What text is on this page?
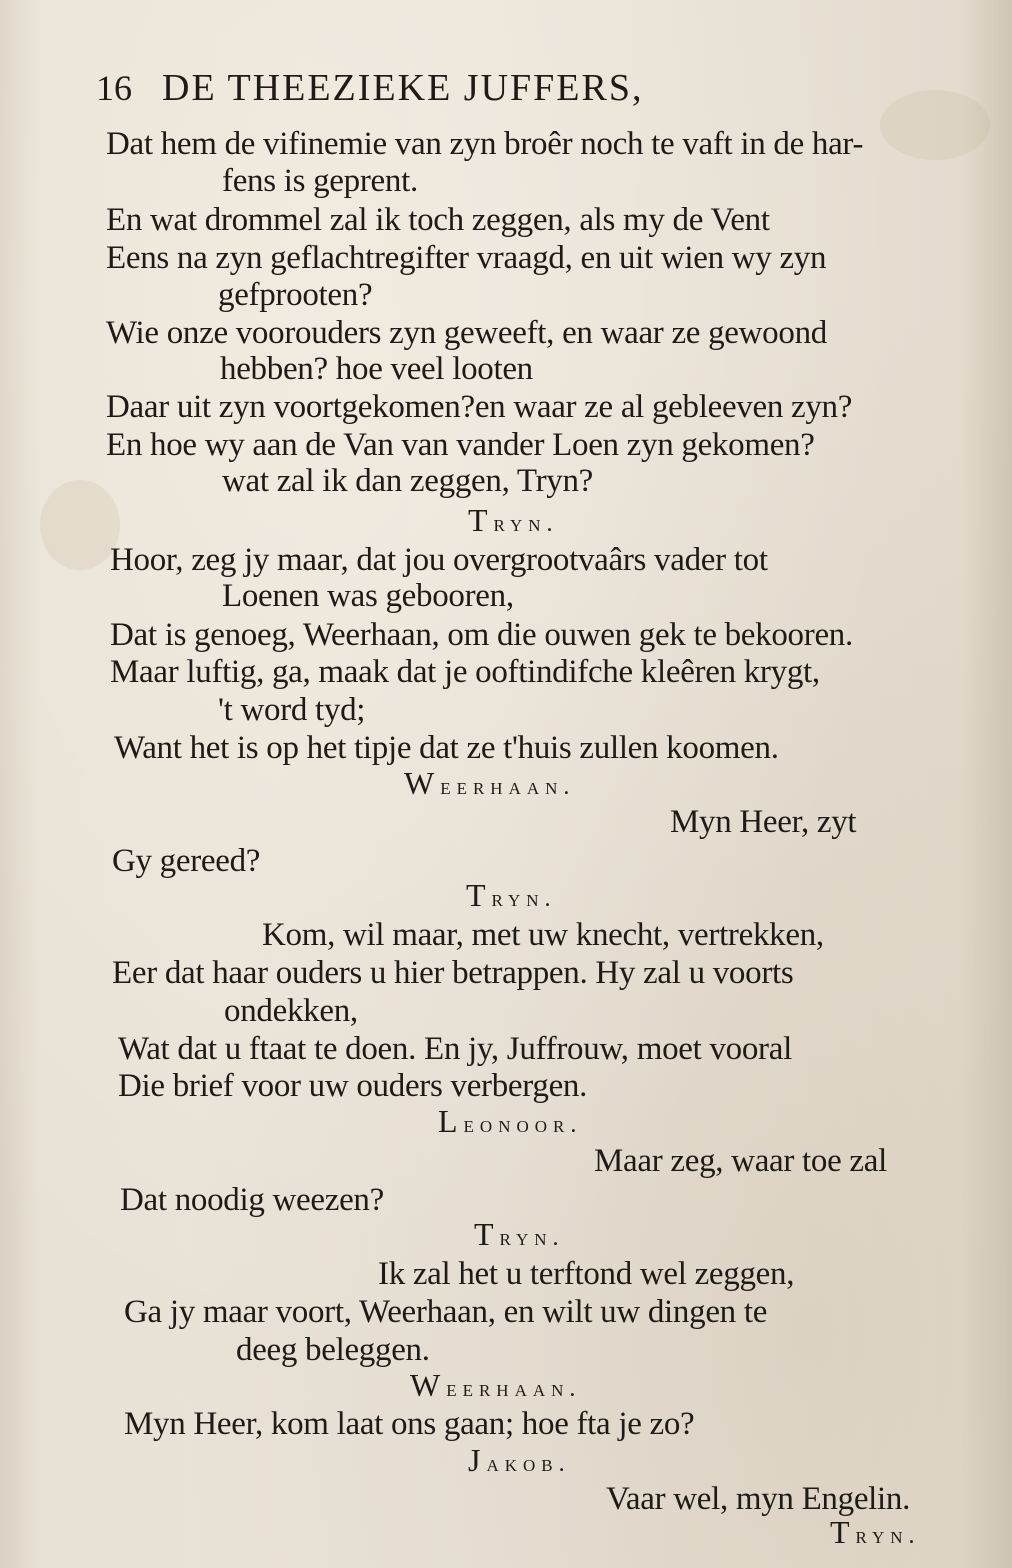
16 DE THEEZIEKE JUFFERS,
Dat hem de vifinemie van zyn broêr noch te vaft in de har-
fens is geprent.
En wat drommel zal ik toch zeggen, als my de Vent
Eens na zyn geflachtregifter vraagd, en uit wien wy zyn
gefprooten?
Wie onze voorouders zyn geweeft, en waar ze gewoond
hebben? hoe veel looten
Daar uit zyn voortgekomen?en waar ze al gebleeven zyn?
En hoe wy aan de Van van vander Loen zyn gekomen?
wat zal ik dan zeggen, Tryn?
Tryn.
Hoor, zeg jy maar, dat jou overgrootvaârs vader tot
Loenen was gebooren,
Dat is genoeg, Weerhaan, om die ouwen gek te bekooren.
Maar luftig, ga, maak dat je ooftindifche kleêren krygt,
't word tyd;
Want het is op het tipje dat ze t'huis zullen koomen.
Weerhaan.
Myn Heer, zyt
Gy gereed?
Tryn.
Kom, wil maar, met uw knecht, vertrekken,
Eer dat haar ouders u hier betrappen. Hy zal u voorts
ondekken,
Wat dat u ftaat te doen. En jy, Juffrouw, moet vooral
Die brief voor uw ouders verbergen.
Leonoor.
Maar zeg, waar toe zal
Dat noodig weezen?
Tryn.
Ik zal het u terftond wel zeggen,
Ga jy maar voort, Weerhaan, en wilt uw dingen te
deeg beleggen.
Weerhaan.
Myn Heer, kom laat ons gaan; hoe fta je zo?
Jakob.
Vaar wel, myn Engelin.
Tryn.
